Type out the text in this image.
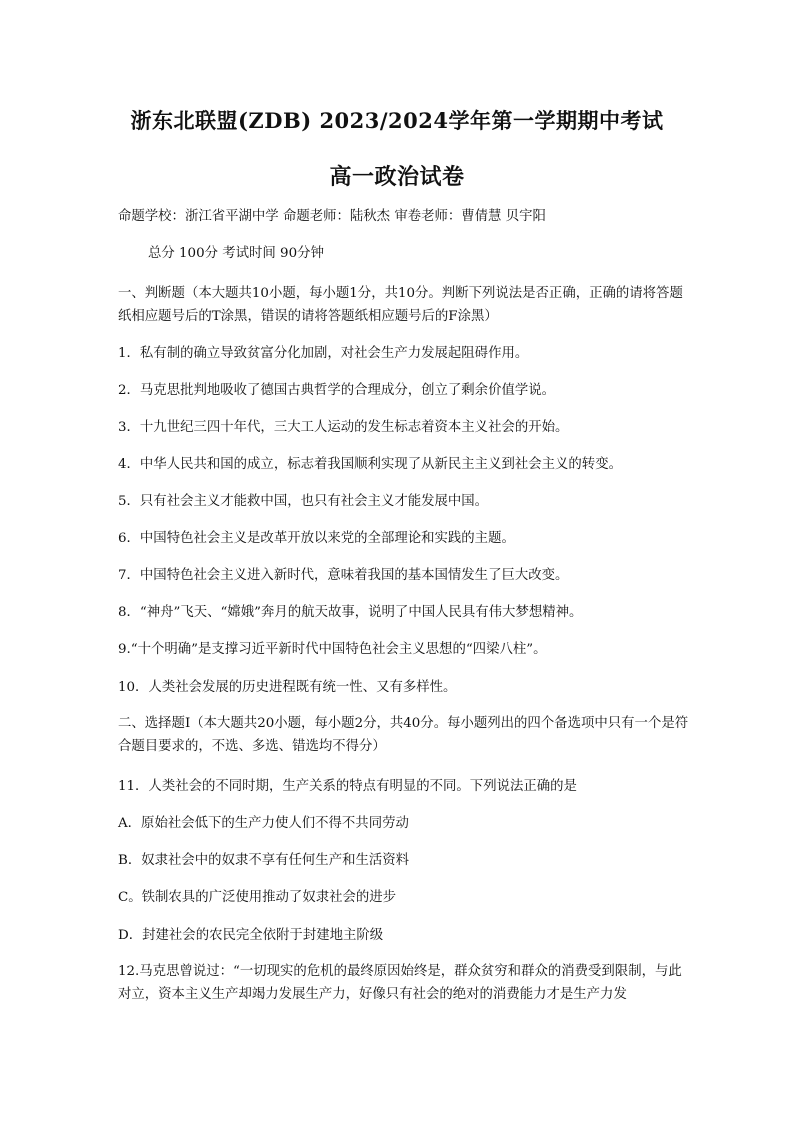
浙东北联盟(ZDB) 2023/2024学年第一学期期中考试
高一政治试卷
命题学校：浙江省平湖中学 命题老师：陆秋杰 审卷老师：曹倩慧 贝宇阳
总分 100分 考试时间 90分钟
一、判断题（本大题共10小题，每小题1分，共10分。判断下列说法是否正确，正确的请将答题纸相应题号后的T涂黑，错误的请将答题纸相应题号后的F涂黑）
1．私有制的确立导致贫富分化加剧，对社会生产力发展起阻碍作用。
2．马克思批判地吸收了德国古典哲学的合理成分，创立了剩余价值学说。
3．十九世纪三四十年代，三大工人运动的发生标志着资本主义社会的开始。
4．中华人民共和国的成立，标志着我国顺利实现了从新民主主义到社会主义的转变。
5．只有社会主义才能救中国，也只有社会主义才能发展中国。
6．中国特色社会主义是改革开放以来党的全部理论和实践的主题。
7．中国特色社会主义进入新时代，意味着我国的基本国情发生了巨大改变。
8．“神舟”飞天、“嫦娥”奔月的航天故事，说明了中国人民具有伟大梦想精神。
9.“十个明确”是支撑习近平新时代中国特色社会主义思想的“四梁八柱”。
10．人类社会发展的历史进程既有统一性、又有多样性。
二、选择题Ⅰ（本大题共20小题，每小题2分，共40分。每小题列出的四个备选项中只有一个是符合题目要求的，不选、多选、错选均不得分）
11．人类社会的不同时期，生产关系的特点有明显的不同。下列说法正确的是
A．原始社会低下的生产力使人们不得不共同劳动
B．奴隶社会中的奴隶不享有任何生产和生活资料
C。铁制农具的广泛使用推动了奴隶社会的进步
D．封建社会的农民完全依附于封建地主阶级
12.马克思曾说过：“一切现实的危机的最终原因始终是，群众贫穷和群众的消费受到限制，与此对立，资本主义生产却竭力发展生产力，好像只有社会的绝对的消费能力才是生产力发
